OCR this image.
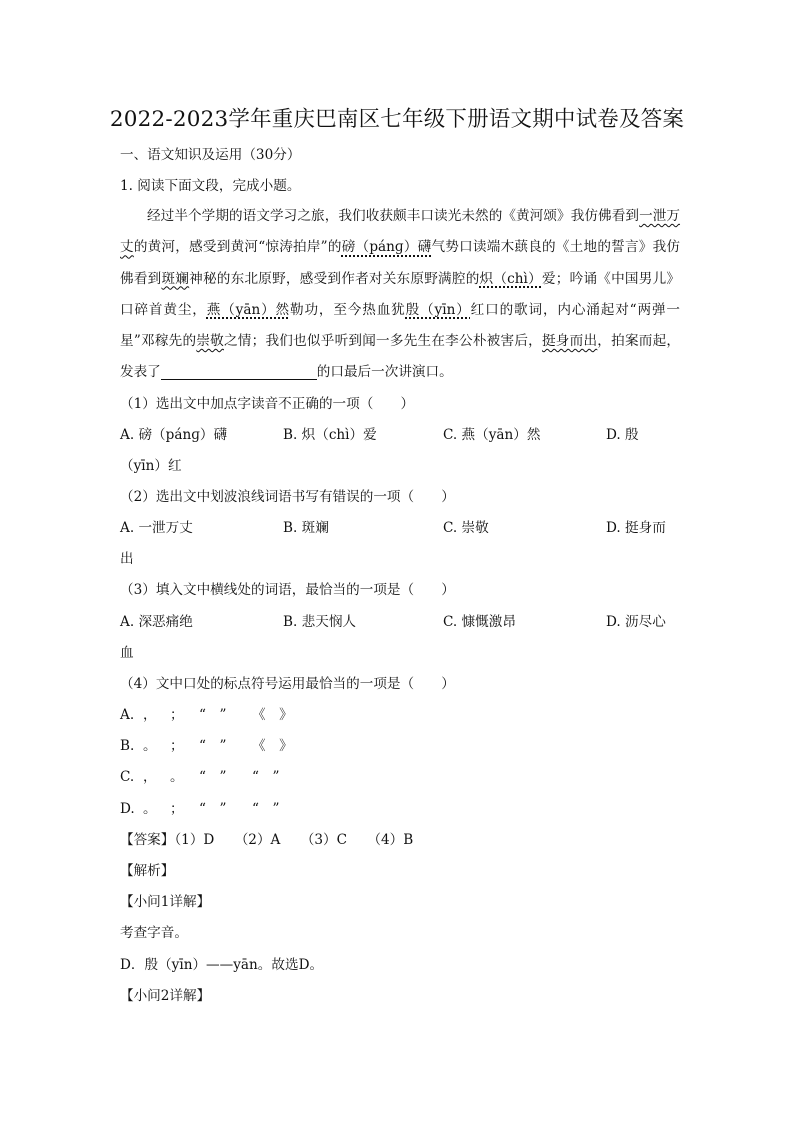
2022-2023学年重庆巴南区七年级下册语文期中试卷及答案
一、语文知识及运用（30分）
1. 阅读下面文段，完成小题。
经过半个学期的语文学习之旅，我们收获颇丰口读光未然的《黄河颂》我仿佛看到一泄万丈的黄河，感受到黄河“惊涛拍岸”的磅（pánɡ）礴气势口读端木蕻良的《土地的誓言》我仿佛看到斑斓神秘的东北原野，感受到作者对关东原野满腔的炽（chì）爱；吟诵《中国男儿》口碎首黄尘，燕（yān）然勒功，至今热血犹殷（yīn）红口的歌词，内心涌起对“两弹一星”邓稼先的崇敬之情；我们也似乎听到闻一多先生在李公朴被害后，挺身而出，拍案而起，发表了	的口最后一次讲演口。
（1）选出文中加点字读音不正确的一项（　　）
A. 磅（pánɡ）礴	B. 炽（chì）爱	C. 燕（yān）然	D. 殷
（yīn）红
（2）选出文中划波浪线词语书写有错误的一项（　　）
A. 一泄万丈	B. 斑斓	C. 崇敬	D. 挺身而
出
（3）填入文中横线处的词语，最恰当的一项是（　　）
A. 深恶痛绝	B. 悲天悯人	C. 慷慨激昂	D. 沥尽心
血
（4）文中口处的标点符号运用最恰当的一项是（　　）
A. ， ； “　” 《　》
B. 。 ； “　” 《　》
C. ， 。 “　” “　”
D. 。 ； “　” “　”
【答案】（1）D　　（2）A　　（3）C　　（4）B
【解析】
【小问1详解】
考查字音。
D．殷（yīn）——yān。故选D。
【小问2详解】
